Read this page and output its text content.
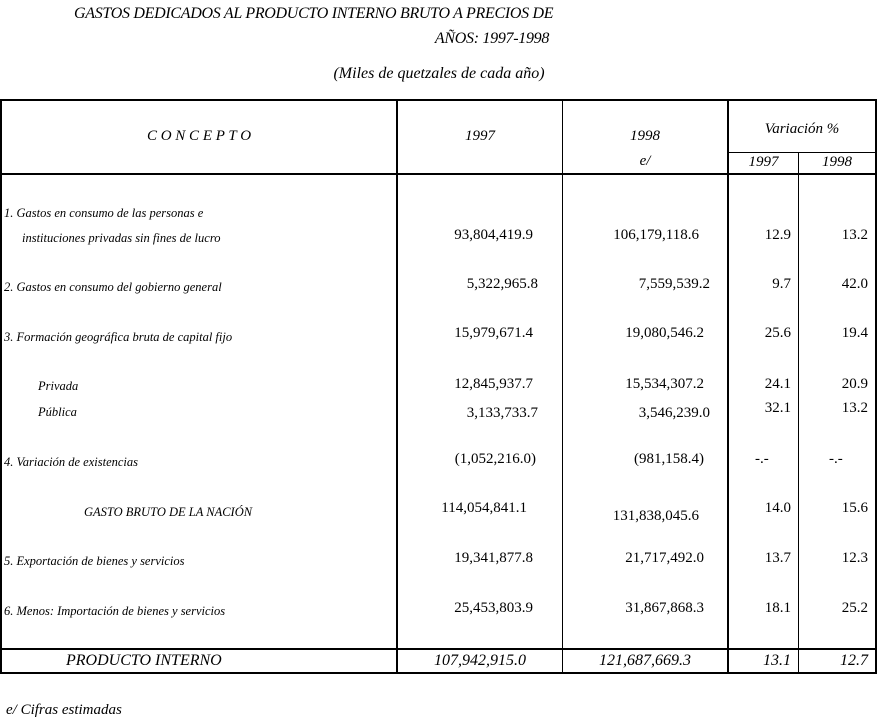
GASTOS DEDICADOS AL PRODUCTO INTERNO BRUTO A PRECIOS DE
AÑOS: 1997-1998
(Miles de quetzales de cada año)
C O N C E P T O	1997	1998
e/
Variación %
1997	1998
1. Gastos en consumo de las personas e
instituciones privadas sin fines de lucro	93,804,419.9	106,179,118.6	12.9	13.2
2. Gastos en consumo del gobierno general	5,322,965.8	7,559,539.2	9.7	42.0
3. Formación geográfica bruta de capital fijo	15,979,671.4	19,080,546.2	25.6	19.4
Privada	12,845,937.7	15,534,307.2	24.1	20.9
Pública	3,133,733.7	3,546,239.0	32.1	13.2
4. Variación de existencias	(1,052,216.0)	(981,158.4)	-.-	-.-
GASTO BRUTO DE LA NACIÓN	114,054,841.1	131,838,045.6	14.0	15.6
5. Exportación de bienes y servicios	19,341,877.8	21,717,492.0	13.7	12.3
6. Menos: Importación de bienes y servicios	25,453,803.9	31,867,868.3	18.1	25.2
PRODUCTO INTERNO	107,942,915.0	121,687,669.3	13.1	12.7
e/ Cifras estimadas
